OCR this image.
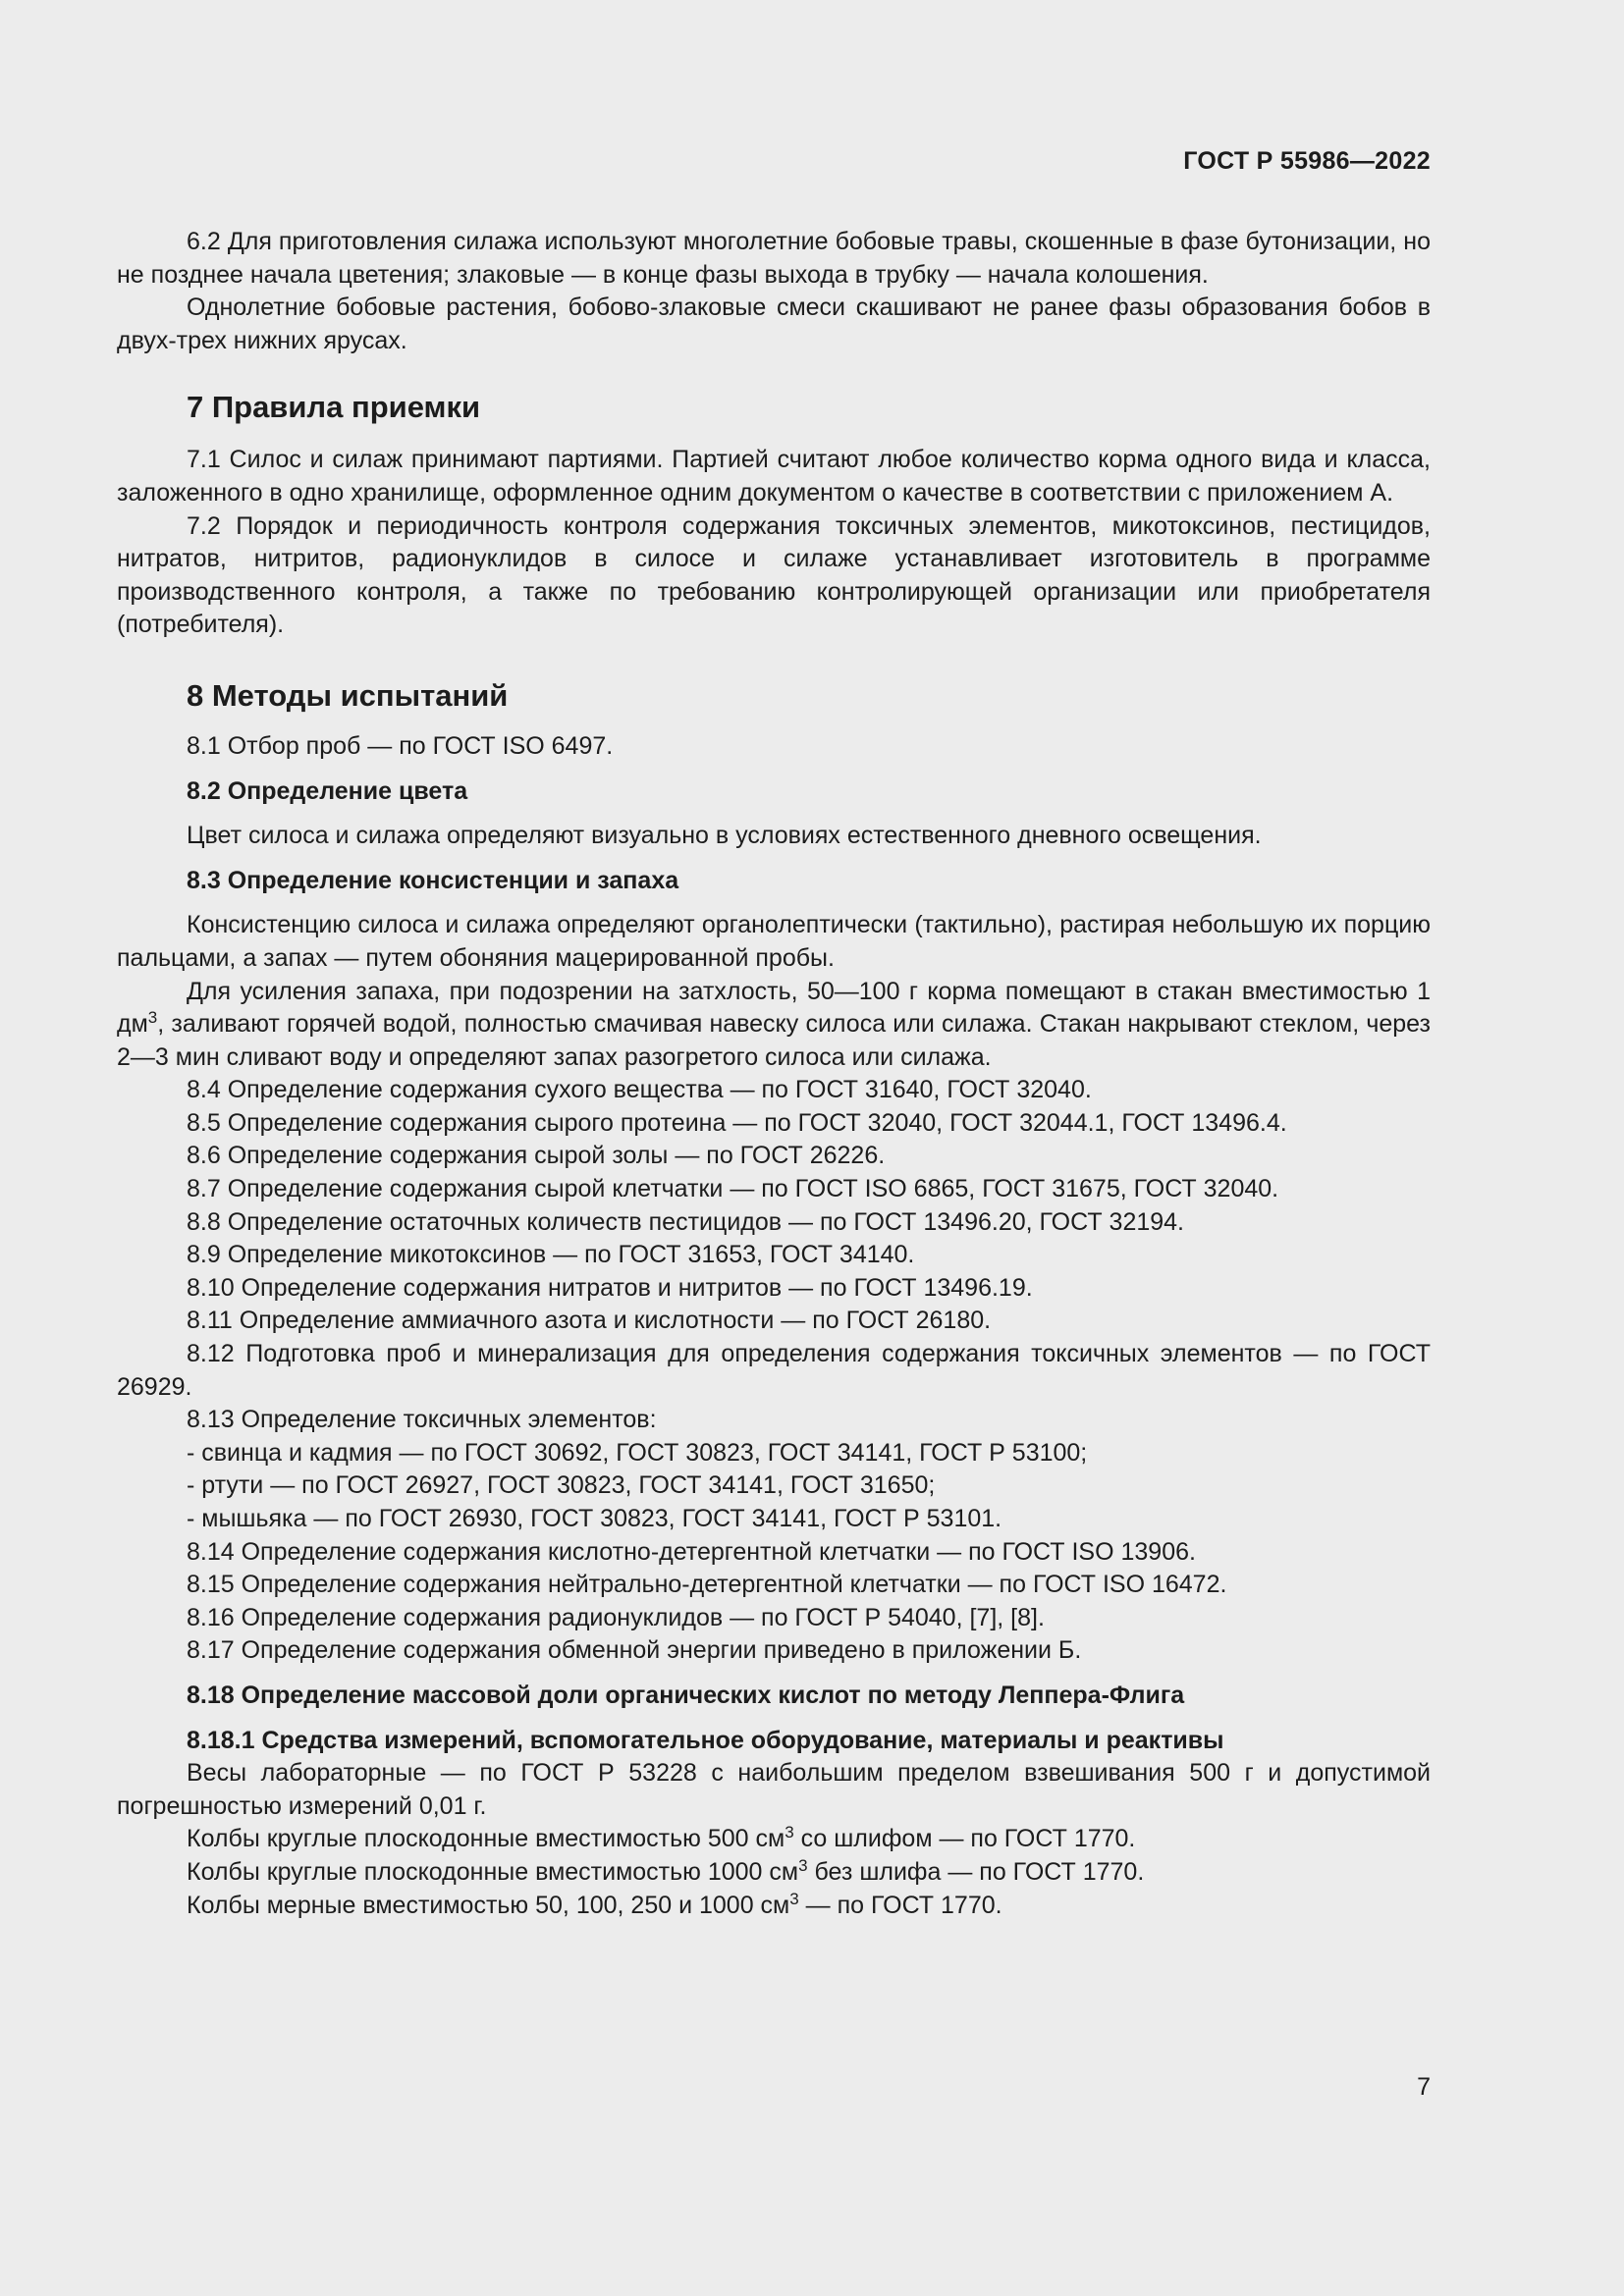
ГОСТ Р 55986—2022

6.2 Для приготовления силажа используют многолетние бобовые травы, скошенные в фазе бутонизации, но не позднее начала цветения; злаковые — в конце фазы выхода в трубку — начала колошения.

Однолетние бобовые растения, бобово-злаковые смеси скашивают не ранее фазы образования бобов в двух-трех нижних ярусах.

7 Правила приемки

7.1 Силос и силаж принимают партиями. Партией считают любое количество корма одного вида и класса, заложенного в одно хранилище, оформленное одним документом о качестве в соответствии с приложением А.

7.2 Порядок и периодичность контроля содержания токсичных элементов, микотоксинов, пестицидов, нитратов, нитритов, радионуклидов в силосе и силаже устанавливает изготовитель в программе производственного контроля, а также по требованию контролирующей организации или приобретателя (потребителя).

8 Методы испытаний

8.1 Отбор проб — по ГОСТ ISO 6497.

8.2 Определение цвета

Цвет силоса и силажа определяют визуально в условиях естественного дневного освещения.

8.3 Определение консистенции и запаха

Консистенцию силоса и силажа определяют органолептически (тактильно), растирая небольшую их порцию пальцами, а запах — путем обоняния мацерированной пробы.

Для усиления запаха, при подозрении на затхлость, 50—100 г корма помещают в стакан вместимостью 1 $дм^3$, заливают горячей водой, полностью смачивая навеску силоса или силажа. Стакан накрывают стеклом, через 2—3 мин сливают воду и определяют запах разогретого силоса или силажа.

8.4 Определение содержания сухого вещества — по ГОСТ 31640, ГОСТ 32040.

8.5 Определение содержания сырого протеина — по ГОСТ 32040, ГОСТ 32044.1, ГОСТ 13496.4.

8.6 Определение содержания сырой золы — по ГОСТ 26226.

8.7 Определение содержания сырой клетчатки — по ГОСТ ISO 6865, ГОСТ 31675, ГОСТ 32040.

8.8 Определение остаточных количеств пестицидов — по ГОСТ 13496.20, ГОСТ 32194.

8.9 Определение микотоксинов — по ГОСТ 31653, ГОСТ 34140.

8.10 Определение содержания нитратов и нитритов — по ГОСТ 13496.19.

8.11 Определение аммиачного азота и кислотности — по ГОСТ 26180.

8.12 Подготовка проб и минерализация для определения содержания токсичных элементов — по ГОСТ 26929.

8.13 Определение токсичных элементов:

- свинца и кадмия — по ГОСТ 30692, ГОСТ 30823, ГОСТ 34141, ГОСТ Р 53100;

- ртути — по ГОСТ 26927, ГОСТ 30823, ГОСТ 34141, ГОСТ 31650;

- мышьяка — по ГОСТ 26930, ГОСТ 30823, ГОСТ 34141, ГОСТ Р 53101.

8.14 Определение содержания кислотно-детергентной клетчатки — по ГОСТ ISO 13906.

8.15 Определение содержания нейтрально-детергентной клетчатки — по ГОСТ ISO 16472.

8.16 Определение содержания радионуклидов — по ГОСТ Р 54040, [7], [8].

8.17 Определение содержания обменной энергии приведено в приложении Б.

8.18 Определение массовой доли органических кислот по методу Леппера-Флига
8.18.1 Средства измерений, вспомогательное оборудование, материалы и реактивы

Весы лабораторные — по ГОСТ Р 53228 с наибольшим пределом взвешивания 500 г и допустимой погрешностью измерений 0,01 г.

Колбы круглые плоскодонные вместимостью 500 $см^3$ со шлифом — по ГОСТ 1770.

Колбы круглые плоскодонные вместимостью 1000 $см^3$ без шлифа — по ГОСТ 1770.

Колбы мерные вместимостью 50, 100, 250 и 1000 $см^3$ — по ГОСТ 1770.

7
